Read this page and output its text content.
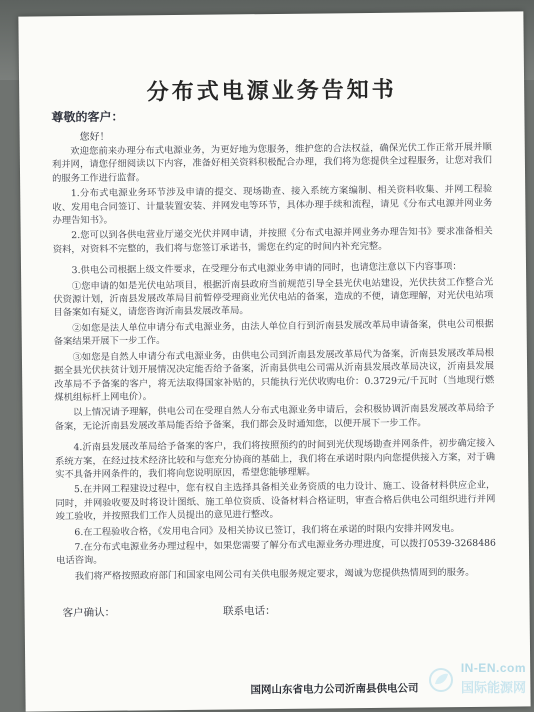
分布式电源业务告知书
尊敬的客户：
您好！

欢迎您前来办理分布式电源业务，为更好地为您服务，维护您的合法权益，确保光伏工作正常开展并顺利并网，请您仔细阅读以下内容，准备好相关资料积极配合办理，我们将为您提供全过程服务，让您对我们的服务工作进行监督。

1.分布式电源业务环节涉及申请的提交、现场勘查、接入系统方案编制、相关资料收集、并网工程验收、发用电合同签订、计量装置安装、并网发电等环节，具体办理手续和流程，请见《分布式电源并网业务办理告知书》。

2.您可以到各供电营业厅递交光伏并网申请，并按照《分布式电源并网业务办理告知书》要求准备相关资料，对资料不完整的，我们将与您签订承诺书，需您在约定的时间内补充完整。

3.供电公司根据上级文件要求，在受理分布式电源业务申请的同时，也请您注意以下内容事项：

①您申请的如是光伏电站项目，根据沂南县政府当前规范引导全县光伏电站建设，光伏扶贫工作整合光伏资源计划，沂南县发展改革局目前暂停受理商业光伏电站的备案，造成的不便，请您理解，对光伏电站项目备案如有疑义，请您咨询沂南县发展改革局。

②如您是法人单位申请分布式电源业务，由法人单位自行到沂南县发展改革局申请备案，供电公司根据备案结果开展下一步工作。

③如您是自然人申请分布式电源业务，由供电公司到沂南县发展改革局代为备案，沂南县发展改革局根据全县光伏扶贫计划开展情况决定能否给予备案，沂南县供电公司需从沂南县发展改革局决议，沂南县发展改革局不予备案的客户，将无法取得国家补贴的，只能执行光伏收购电价：0.3729元/千瓦时（当地现行燃煤机组标杆上网电价）。

以上情况请予理解，供电公司在受理自然人分布式电源业务申请后，会积极协调沂南县发展改革局给予备案，无论沂南县发展改革局能否给予备案，我们都会及时通知您，以便开展下一步工作。

4.沂南县发展改革局给予备案的客户，我们将按照预约的时间到光伏现场勘查并网条件，初步确定接入系统方案，在经过技术经济比较和与您充分协商的基础上，我们将在承诺时限内向您提供接入方案，对于确实不具备并网条件的，我们将向您说明原因，希望您能够理解。

5.在并网工程建设过程中，您有权自主选择具备相关业务资质的电力设计、施工、设备材料供应企业，同时，并网验收要及时将设计图纸、施工单位资质、设备材料合格证明，审查合格后供电公司组织进行并网竣工验收，并按照我们工作人员提出的意见进行整改。

6.在工程验收合格，《发用电合同》及相关协议已签订，我们将在承诺的时限内安排并网发电。

7.在分布式电源业务办理过程中，如果您需要了解分布式电源业务办理进度，可以拨打0539-3268486电话咨询。

我们将严格按照政府部门和国家电网公司有关供电服务规定要求，竭诚为您提供热情周到的服务。

客户确认：	联系电话：
国网山东省电力公司沂南县供电公司
IN-EN.com
国际能源网
